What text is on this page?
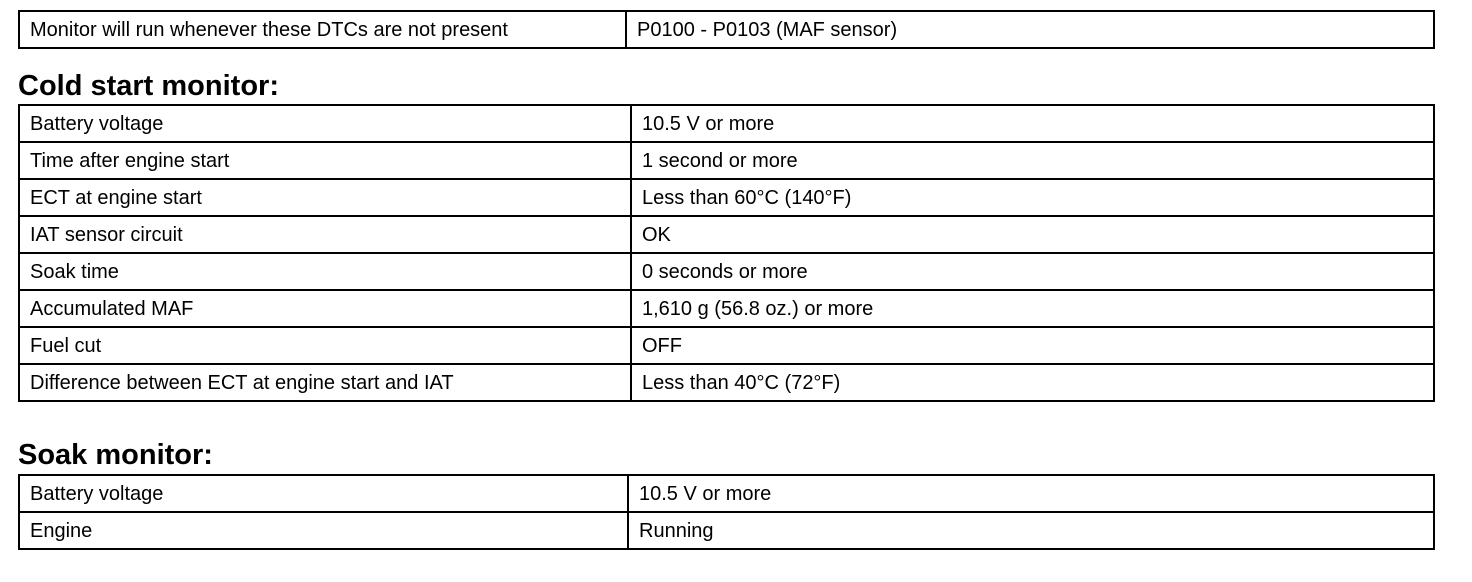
Monitor will run whenever these DTCs are not present	P0100 - P0103 (MAF sensor)
Cold start monitor:
Battery voltage	10.5 V or more
Time after engine start	1 second or more
ECT at engine start	Less than 60°C (140°F)
IAT sensor circuit	OK
Soak time	0 seconds or more
Accumulated MAF	1,610 g (56.8 oz.) or more
Fuel cut	OFF
Difference between ECT at engine start and IAT	Less than 40°C (72°F)
Soak monitor:
Battery voltage	10.5 V or more
Engine	Running
